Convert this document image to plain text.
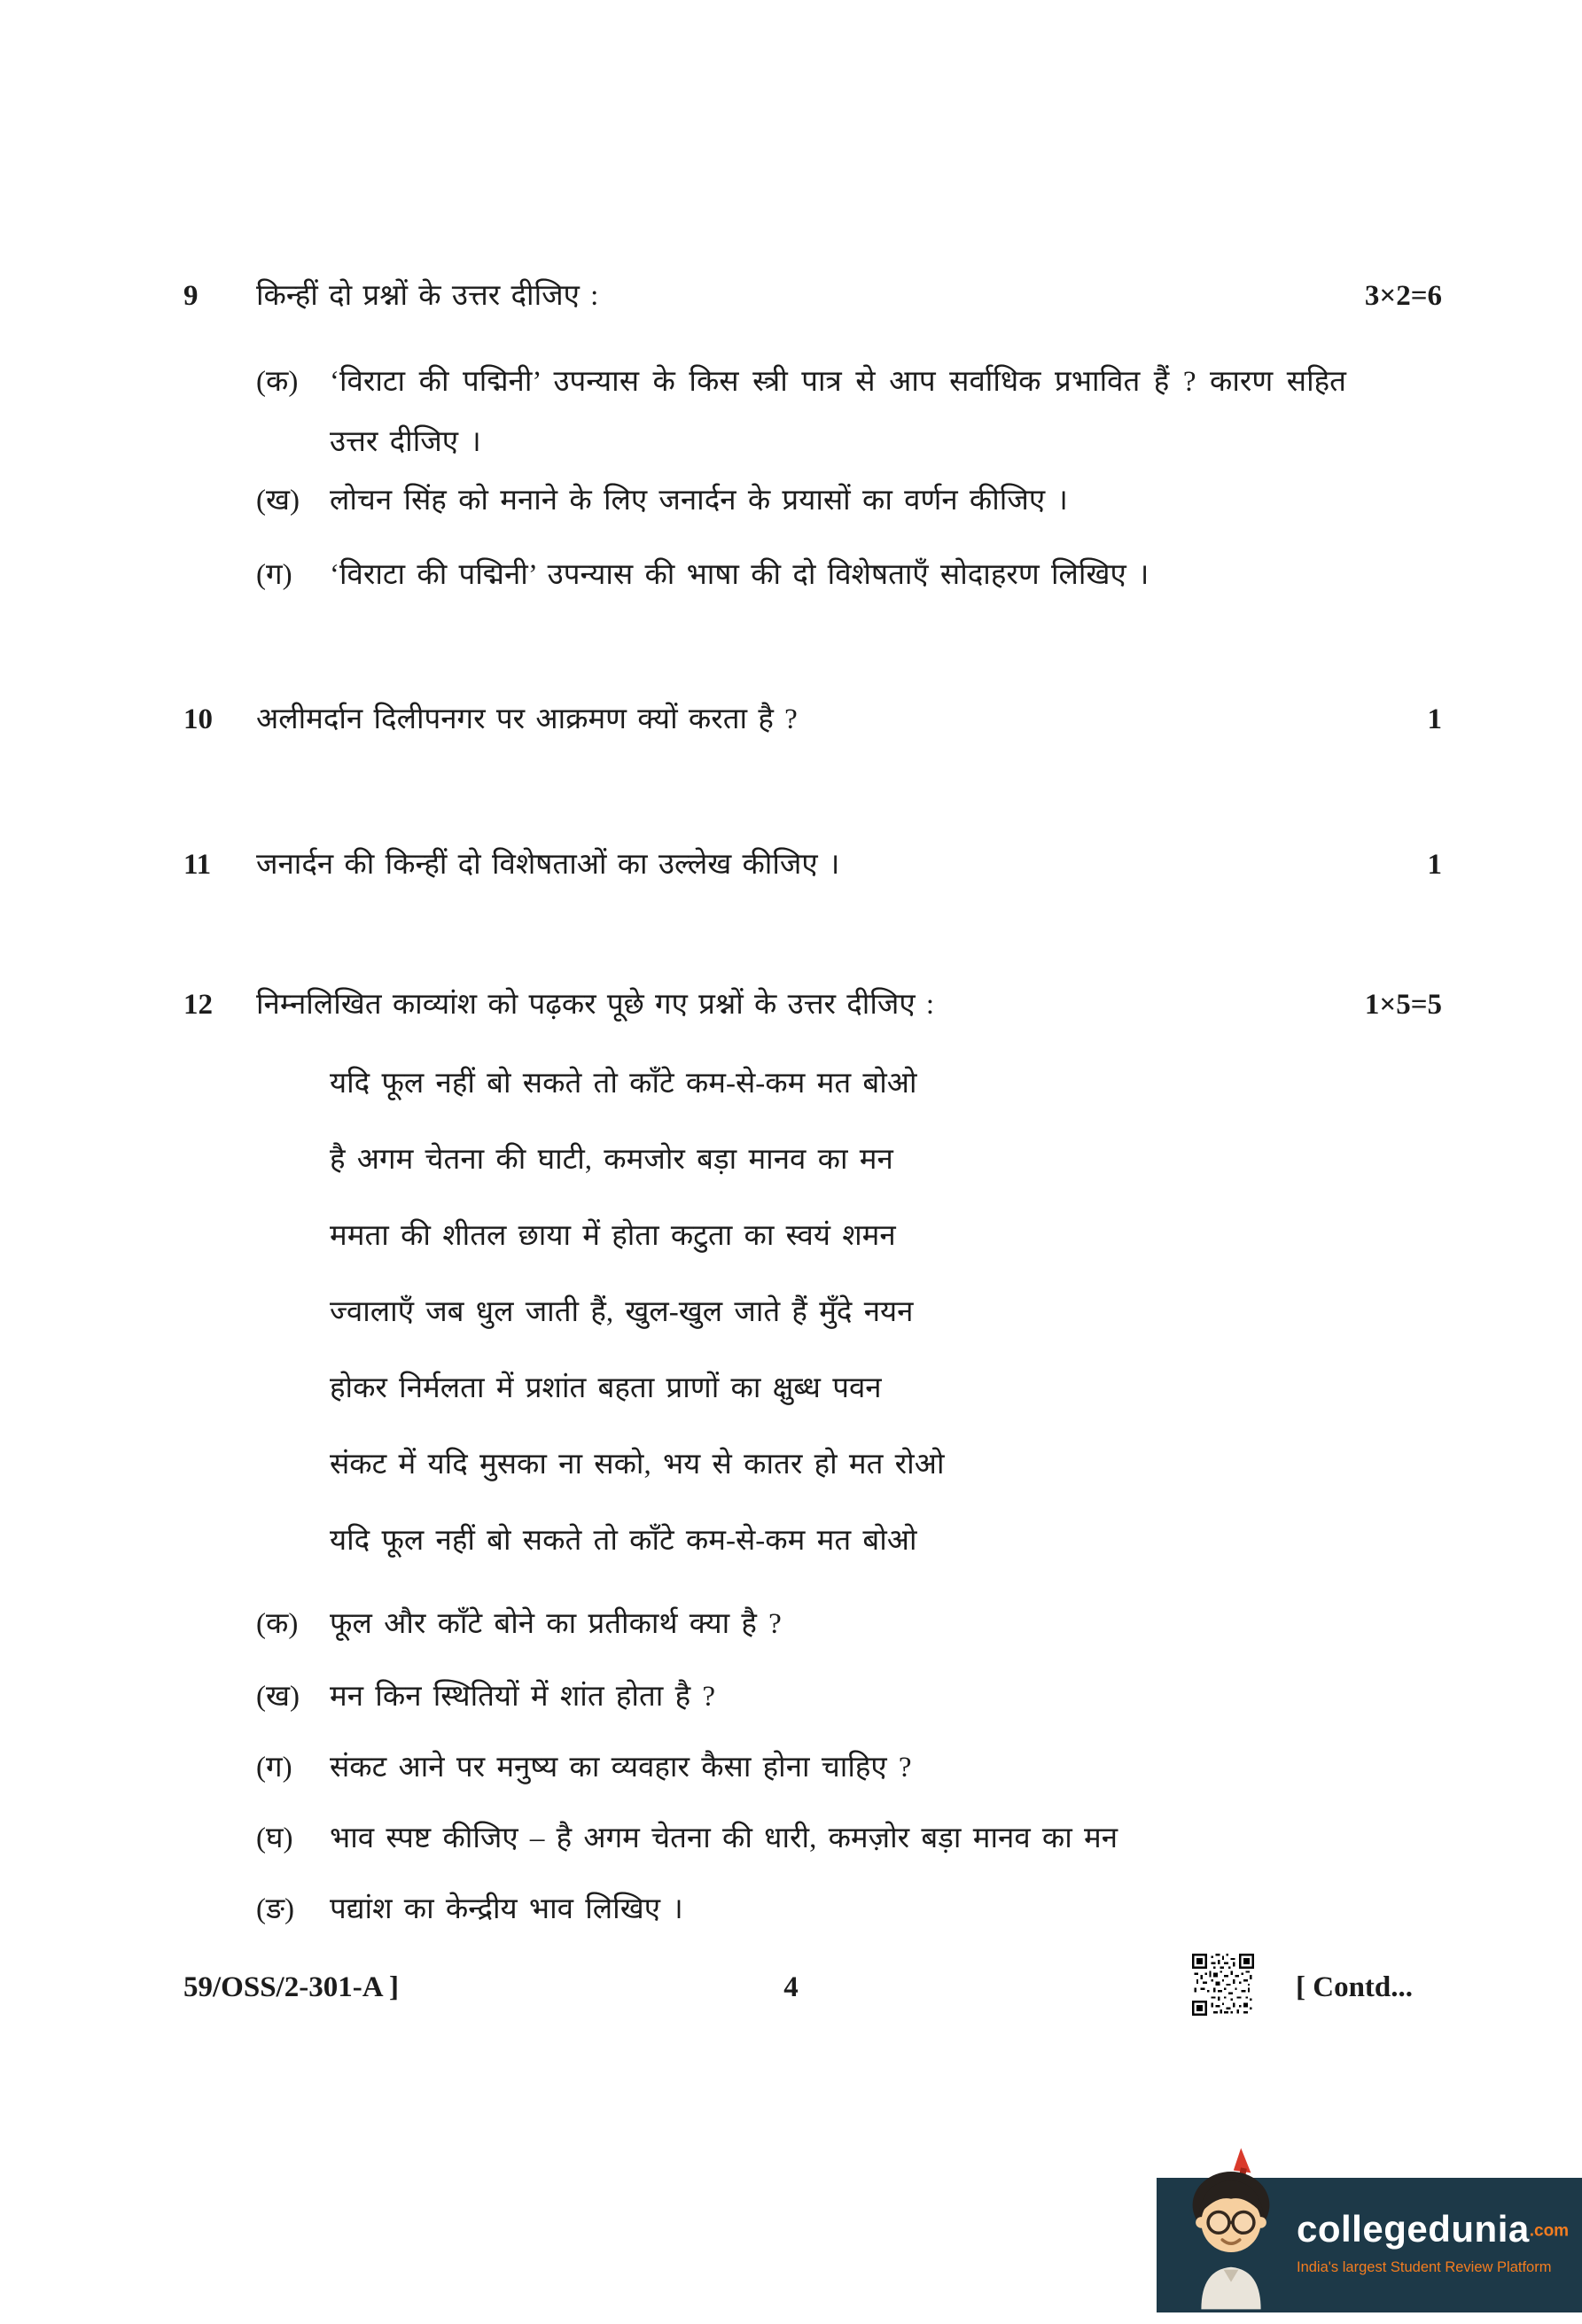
9	किन्हीं दो प्रश्नों के उत्तर दीजिए :	3×2=6
(क)	‘विराटा की पद्मिनी’ उपन्यास के किस स्त्री पात्र से आप सर्वाधिक प्रभावित हैं ? कारण सहित उत्तर दीजिए ।
(ख)	लोचन सिंह को मनाने के लिए जनार्दन के प्रयासों का वर्णन कीजिए ।
(ग)	‘विराटा की पद्मिनी’ उपन्यास की भाषा की दो विशेषताएँ सोदाहरण लिखिए ।
10	अलीमर्दान दिलीपनगर पर आक्रमण क्यों करता है ?	1
11	जनार्दन की किन्हीं दो विशेषताओं का उल्लेख कीजिए ।	1
12	निम्नलिखित काव्यांश को पढ़कर पूछे गए प्रश्नों के उत्तर दीजिए :	1×5=5
यदि फूल नहीं बो सकते तो काँटे कम-से-कम मत बोओ
है अगम चेतना की घाटी, कमजोर बड़ा मानव का मन
ममता की शीतल छाया में होता कटुता का स्वयं शमन
ज्वालाएँ जब धुल जाती हैं, खुल-खुल जाते हैं मुँदे नयन
होकर निर्मलता में प्रशांत बहता प्राणों का क्षुब्ध पवन
संकट में यदि मुसका ना सको, भय से कातर हो मत रोओ
यदि फूल नहीं बो सकते तो काँटे कम-से-कम मत बोओ
(क)	फूल और काँटे बोने का प्रतीकार्थ क्या है ?
(ख)	मन किन स्थितियों में शांत होता है ?
(ग)	संकट आने पर मनुष्य का व्यवहार कैसा होना चाहिए ?
(घ)	भाव स्पष्ट कीजिए – है अगम चेतना की धारी, कमज़ोर बड़ा मानव का मन
(ङ)	पद्यांश का केन्द्रीय भाव लिखिए ।
59/OSS/2-301-A ]	4	[ Contd...
collegedunia.com
India's largest Student Review Platform
